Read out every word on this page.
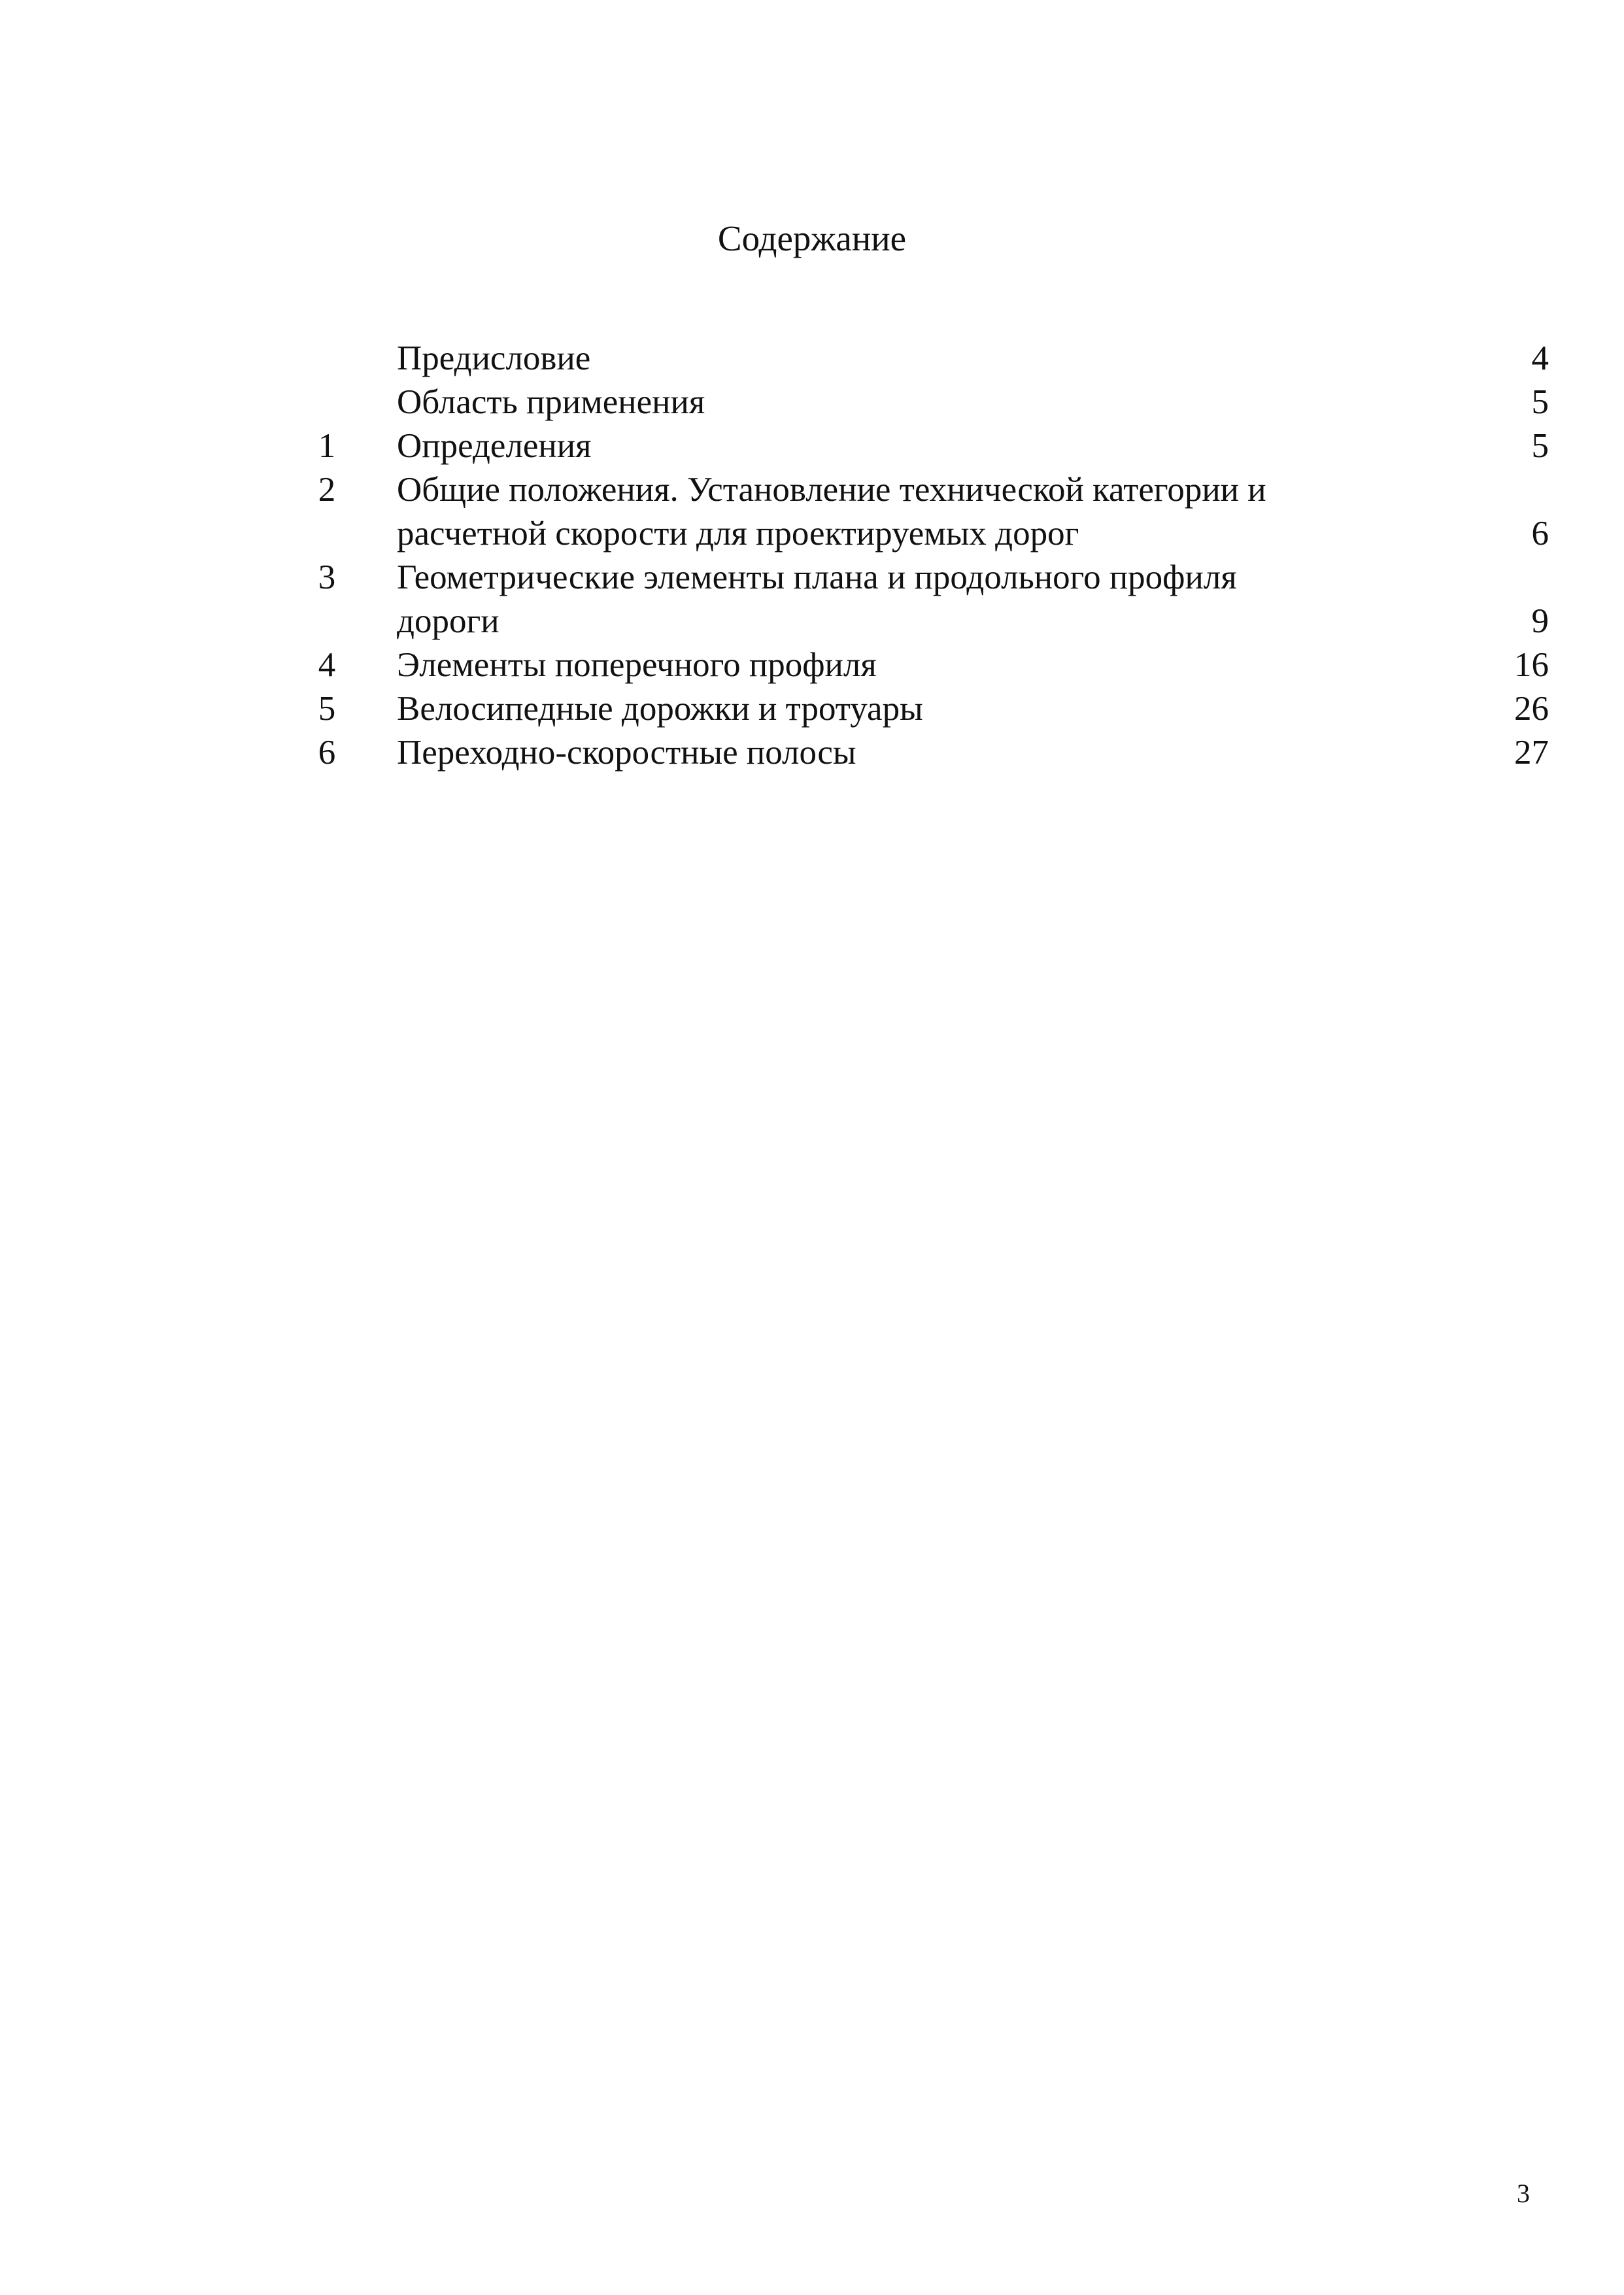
Содержание
Предисловие	4
Область применения	5
1	Определения	5
2	Общие положения. Установление технической категории и
расчетной скорости для проектируемых дорог	6
3	Геометрические элементы плана и продольного профиля
дороги	9
4	Элементы поперечного профиля	16
5	Велосипедные дорожки и тротуары	26
6	Переходно-скоростные полосы	27
3
